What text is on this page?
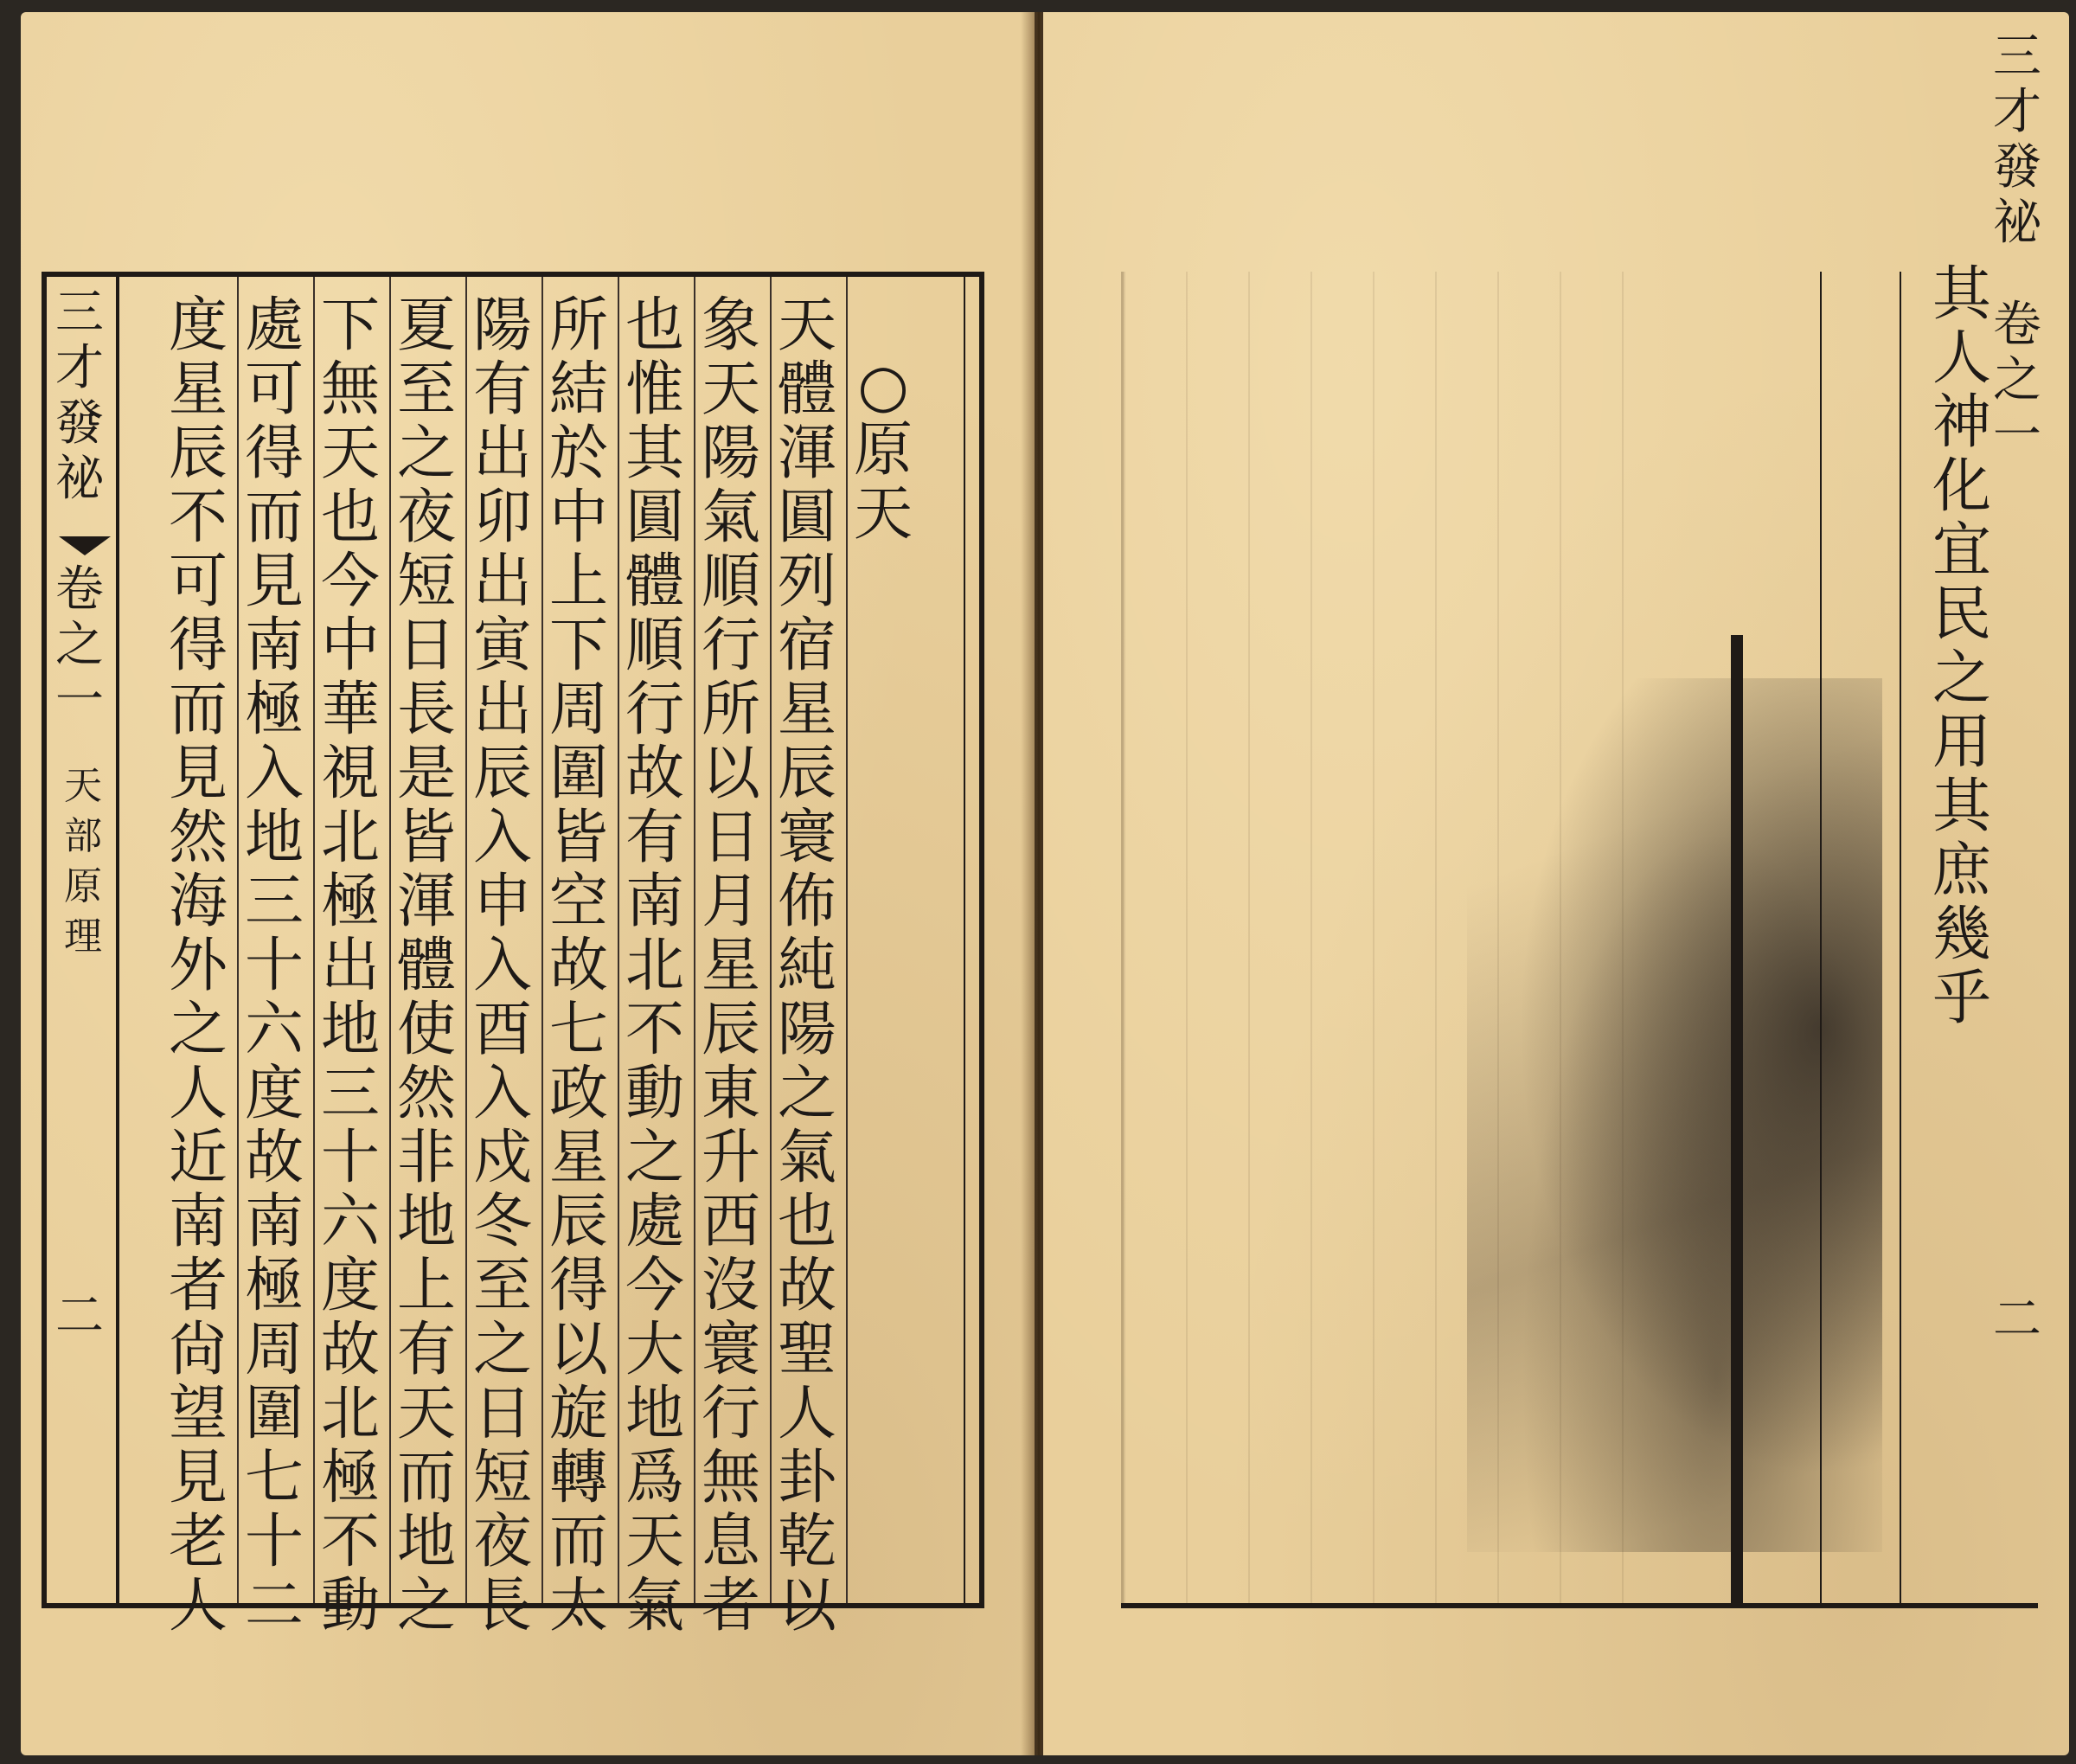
三
才
發
祕
卷
之
一
天
部
原
理
二
○
原
天
天
體
渾
圓
列
宿
星
辰
寰
佈
純
陽
之
氣
也
故
聖
人
卦
乾
以
象
天
陽
氣
順
行
所
以
日
月
星
辰
東
升
西
沒
寰
行
無
息
者
也
惟
其
圓
體
順
行
故
有
南
北
不
動
之
處
今
大
地
爲
天
氣
所
結
於
中
上
下
周
圍
皆
空
故
七
政
星
辰
得
以
旋
轉
而
太
陽
有
出
卯
出
寅
出
辰
入
申
入
酉
入
戍
冬
至
之
日
短
夜
長
夏
至
之
夜
短
日
長
是
皆
渾
體
使
然
非
地
上
有
天
而
地
之
下
無
天
也
今
中
華
視
北
極
出
地
三
十
六
度
故
北
極
不
動
處
可
得
而
見
南
極
入
地
三
十
六
度
故
南
極
周
圍
七
十
二
度
星
辰
不
可
得
而
見
然
海
外
之
人
近
南
者
尙
望
見
老
人
其
人
神
化
宜
民
之
用
其
庶
幾
乎
三
才
發
祕
卷
之
一
二
